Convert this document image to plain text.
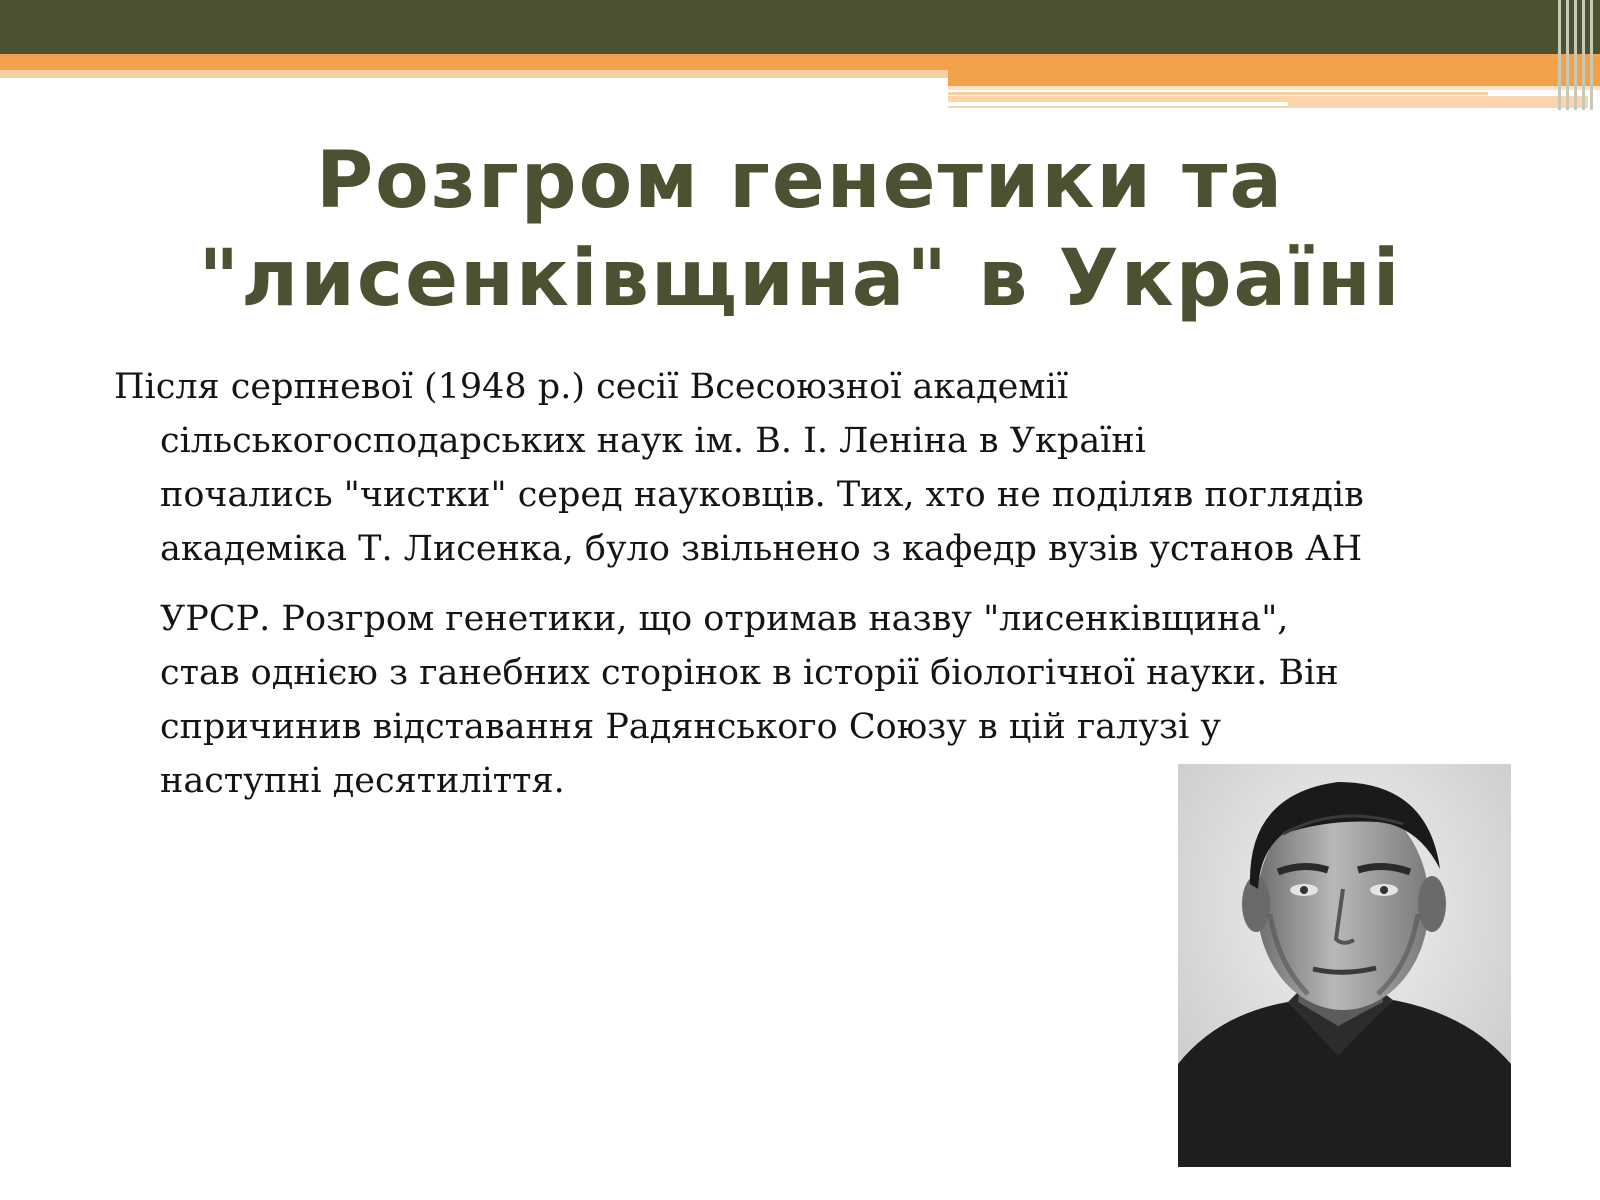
Розгром генетики та
"лисенківщина" в Україні
Після серпневої (1948 р.) сесії Всесоюзної академії
сільськогосподарських наук ім. В. І. Леніна в Україні
почались "чистки" серед науковців. Тих, хто не поділяв поглядів
академіка Т. Лисенка, було звільнено з кафедр вузів установ АН
УРСР. Розгром генетики, що отримав назву "лисенківщина",
став однією з ганебних сторінок в історії біологічної науки. Він
спричинив відставання Радянського Союзу в цій галузі у
наступні десятиліття.
